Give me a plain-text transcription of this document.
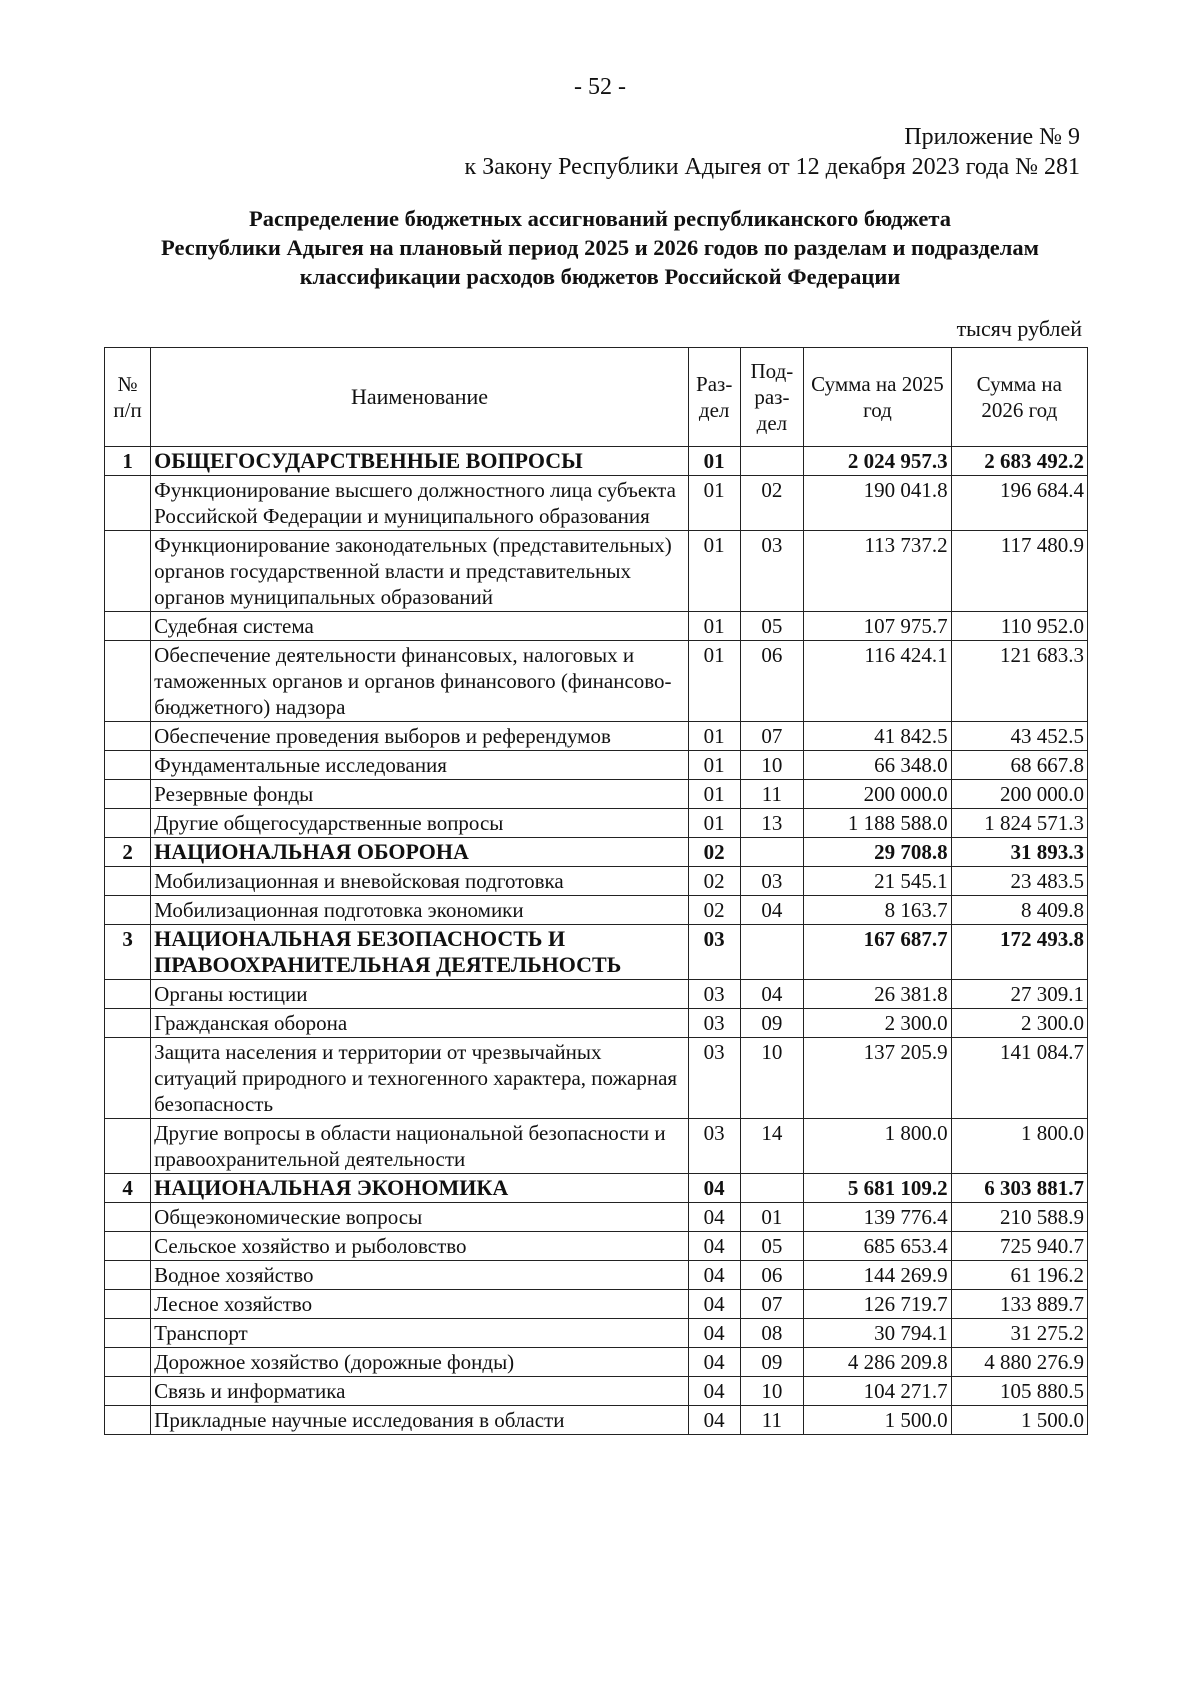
- 52 -
Приложение № 9
к Закону Республики Адыгея от 12 декабря 2023 года № 281
Распределение бюджетных ассигнований республиканского бюджета
Республики Адыгея на плановый период 2025 и 2026 годов по разделам и подразделам
классификации расходов бюджетов Российской Федерации
тысяч рублей
№ п/п	Наименование	Раз-дел	Под-раз-дел	Сумма на 2025 год	Сумма на 2026 год
1	ОБЩЕГОСУДАРСТВЕННЫЕ ВОПРОСЫ	01		2 024 957.3	2 683 492.2
	Функционирование высшего должностного лица субъекта Российской Федерации и муниципального образования	01	02	190 041.8	196 684.4
	Функционирование законодательных (представительных) органов государственной власти и представительных органов муниципальных образований	01	03	113 737.2	117 480.9
	Судебная система	01	05	107 975.7	110 952.0
	Обеспечение деятельности финансовых, налоговых и таможенных органов и органов финансового (финансово-бюджетного) надзора	01	06	116 424.1	121 683.3
	Обеспечение проведения выборов и референдумов	01	07	41 842.5	43 452.5
	Фундаментальные исследования	01	10	66 348.0	68 667.8
	Резервные фонды	01	11	200 000.0	200 000.0
	Другие общегосударственные вопросы	01	13	1 188 588.0	1 824 571.3
2	НАЦИОНАЛЬНАЯ ОБОРОНА	02		29 708.8	31 893.3
	Мобилизационная и вневойсковая подготовка	02	03	21 545.1	23 483.5
	Мобилизационная подготовка экономики	02	04	8 163.7	8 409.8
3	НАЦИОНАЛЬНАЯ БЕЗОПАСНОСТЬ И ПРАВООХРАНИТЕЛЬНАЯ ДЕЯТЕЛЬНОСТЬ	03		167 687.7	172 493.8
	Органы юстиции	03	04	26 381.8	27 309.1
	Гражданская оборона	03	09	2 300.0	2 300.0
	Защита населения и территории от чрезвычайных ситуаций природного и техногенного характера, пожарная безопасность	03	10	137 205.9	141 084.7
	Другие вопросы в области национальной безопасности и правоохранительной деятельности	03	14	1 800.0	1 800.0
4	НАЦИОНАЛЬНАЯ ЭКОНОМИКА	04		5 681 109.2	6 303 881.7
	Общеэкономические вопросы	04	01	139 776.4	210 588.9
	Сельское хозяйство и рыболовство	04	05	685 653.4	725 940.7
	Водное хозяйство	04	06	144 269.9	61 196.2
	Лесное хозяйство	04	07	126 719.7	133 889.7
	Транспорт	04	08	30 794.1	31 275.2
	Дорожное хозяйство (дорожные фонды)	04	09	4 286 209.8	4 880 276.9
	Связь и информатика	04	10	104 271.7	105 880.5
	Прикладные научные исследования в области	04	11	1 500.0	1 500.0
